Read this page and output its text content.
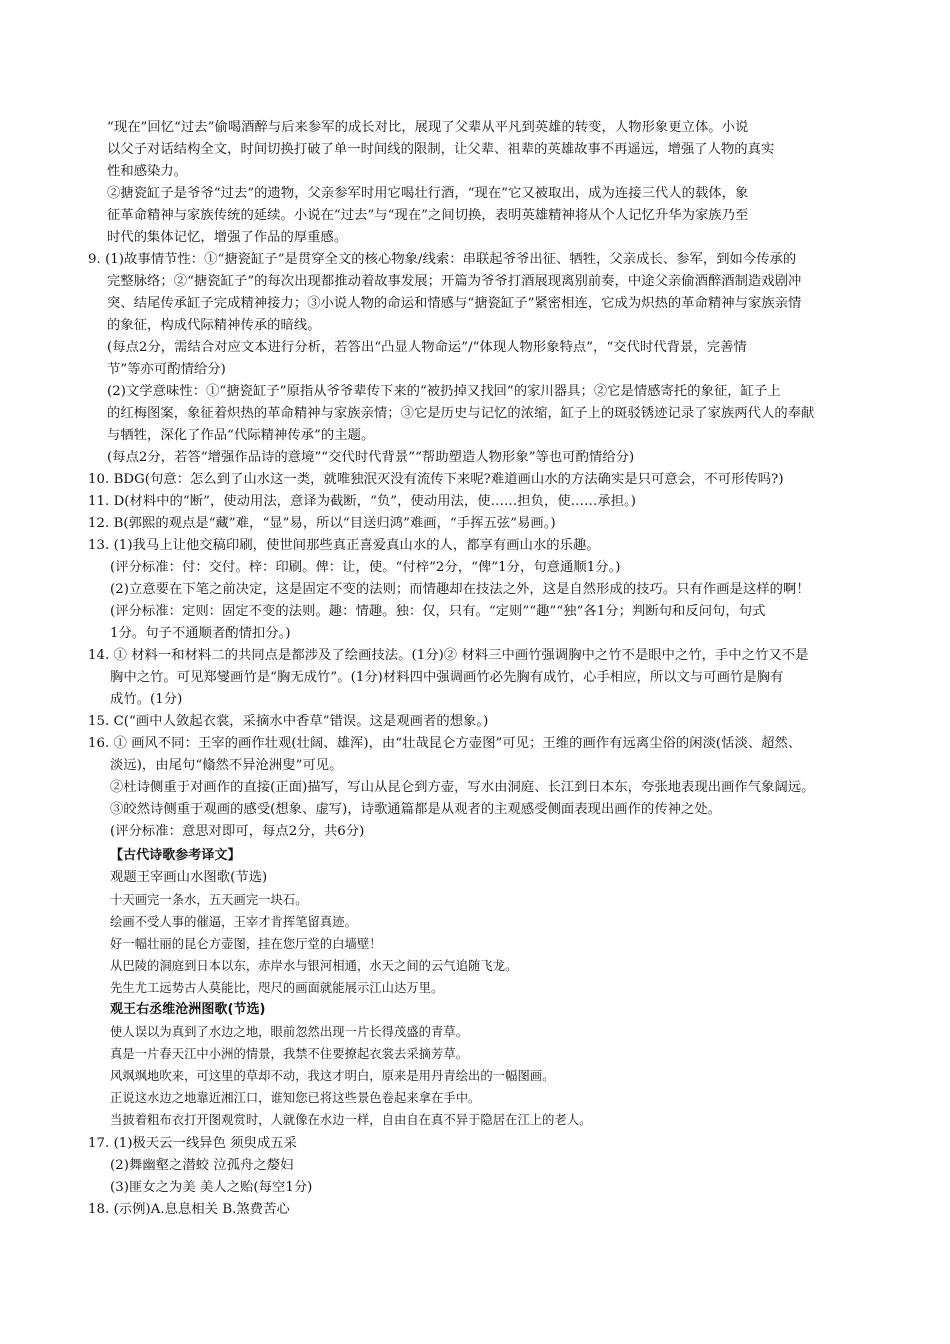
“现在”回忆“过去”偷喝酒醉与后来参军的成长对比，展现了父辈从平凡到英雄的转变，人物形象更立体。小说
以父子对话结构全文，时间切换打破了单一时间线的限制，让父辈、祖辈的英雄故事不再遥远，增强了人物的真实
性和感染力。
②搪瓷缸子是爷爷“过去”的遗物，父亲参军时用它喝壮行酒，“现在”它又被取出，成为连接三代人的载体，象
征革命精神与家族传统的延续。小说在“过去”与“现在”之间切换，表明英雄精神将从个人记忆升华为家族乃至
时代的集体记忆，增强了作品的厚重感。
9. (1)故事情节性：①“搪瓷缸子”是贯穿全文的核心物象/线索：串联起爷爷出征、牺牲，父亲成长、参军，到如今传承的
完整脉络；②“搪瓷缸子”的每次出现都推动着故事发展；开篇为爷爷打酒展现离别前奏，中途父亲偷酒醉酒制造戏剧冲
突、结尾传承缸子完成精神接力；③小说人物的命运和情感与“搪瓷缸子”紧密相连，它成为炽热的革命精神与家族亲情
的象征，构成代际精神传承的暗线。
(每点2分，需结合对应文本进行分析，若答出“凸显人物命运”/“体现人物形象特点”，“交代时代背景，完善情
节”等亦可酌情给分)
(2)文学意味性：①“搪瓷缸子”原指从爷爷辈传下来的“被扔掉又找回”的家川器具；②它是情感寄托的象征，缸子上
的红梅图案，象征着炽热的革命精神与家族亲情；③它是历史与记忆的浓缩，缸子上的斑驳锈迹记录了家族两代人的奉献
与牺牲，深化了作品“代际精神传承”的主题。
(每点2分，若答“增强作品诗的意境”“交代时代背景”“帮助塑造人物形象”等也可酌情给分)
10. BDG(句意：怎么到了山水这一类，就唯独泯灭没有流传下来呢?难道画山水的方法确实是只可意会，不可形传吗?)
11. D(材料中的“断”，使动用法，意译为截断，“负”，使动用法，使……担负，使……承担。)
12. B(郭熙的观点是“藏”难，“显”易，所以“目送归鸿”难画，“手挥五弦”易画。)
13. (1)我马上让他交稿印刷，使世间那些真正喜爱真山水的人，都享有画山水的乐趣。
(评分标准：付：交付。梓：印刷。俾：让，使。“付梓”2分，“俾”1分，句意通顺1分。)
(2)立意要在下笔之前决定，这是固定不变的法则；而情趣却在技法之外，这是自然形成的技巧。只有作画是这样的啊！
(评分标准：定则：固定不变的法则。趣：情趣。独：仅，只有。“定则”“趣”“独”各1分；判断句和反问句，句式
1分。句子不通顺者酌情扣分。)
14. ① 材料一和材料二的共同点是都涉及了绘画技法。(1分)② 材料三中画竹强调胸中之竹不是眼中之竹，手中之竹又不是
胸中之竹。可见郑燮画竹是“胸无成竹”。(1分)材料四中强调画竹必先胸有成竹，心手相应，所以文与可画竹是胸有
成竹。(1分)
15. C(“画中人敛起衣裳，采摘水中香草”错误。这是观画者的想象。)
16. ① 画风不同：王宰的画作壮观(壮阔、雄浑)，由“壮哉昆仑方壶图”可见；王维的画作有远离尘俗的闲淡(恬淡、超然、
淡远)，由尾句“翛然不异沧洲叟”可见。
②杜诗侧重于对画作的直接(正面)描写，写山从昆仑到方壶，写水由洞庭、长江到日本东，夸张地表现出画作气象阔远。
③皎然诗侧重于观画的感受(想象、虚写)，诗歌通篇都是从观者的主观感受侧面表现出画作的传神之处。
(评分标准：意思对即可，每点2分，共6分)
【古代诗歌参考译文】
观题王宰画山水图歌(节选)
十天画完一条水，五天画完一块石。
绘画不受人事的催逼，王宰才肯挥笔留真迹。
好一幅壮丽的昆仑方壶图，挂在您厅堂的白墙壁！
从巴陵的洞庭到日本以东，赤岸水与银河相通，水天之间的云气追随飞龙。
先生尤工远势古人莫能比，咫尺的画面就能展示江山达万里。
观王右丞维沧洲图歌(节选)
使人误以为真到了水边之地，眼前忽然出现一片长得茂盛的青草。
真是一片春天江中小洲的情景，我禁不住要撩起衣裳去采摘芳草。
风飒飒地吹来，可这里的草却不动，我这才明白，原来是用丹青绘出的一幅图画。
正说这水边之地靠近湘江口，谁知您已将这些景色卷起来拿在手中。
当披着粗布衣打开图观赏时，人就像在水边一样，自由自在真不异于隐居在江上的老人。
17. (1)极天云一线异色 须臾成五采
(2)舞幽壑之潜蛟 泣孤舟之嫠妇
(3)匪女之为美 美人之贻(每空1分)
18. (示例)A.息息相关 B.煞费苦心
